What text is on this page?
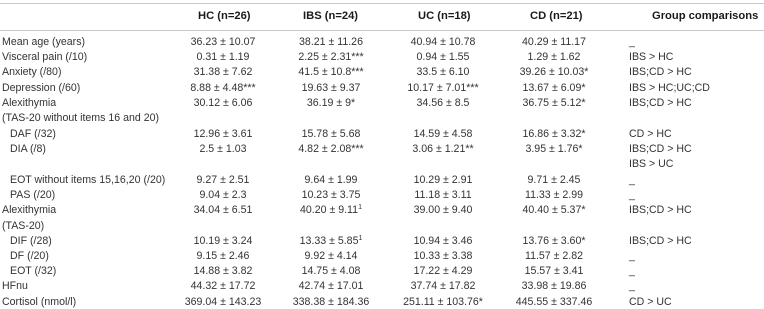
HC (n=26)	IBS (n=24)	UC (n=18)	CD (n=21)	Group comparisons
Mean age (years)	36.23 ± 10.07	38.21 ± 11.26	40.94 ± 10.78	40.29 ± 11.17	_
Visceral pain (/10)	0.31 ± 1.19	2.25 ± 2.31***	0.94 ± 1.55	1.29 ± 1.62	IBS > HC
Anxiety (/80)	31.38 ± 7.62	41.5 ± 10.8***	33.5 ± 6.10	39.26 ± 10.03*	IBS;CD > HC
Depression (/60)	8.88 ± 4.48***	19.63 ± 9.37	10.17 ± 7.01***	13.67 ± 6.09*	IBS > HC;UC;CD
Alexithymia	30.12 ± 6.06	36.19 ± 9*	34.56 ± 8.5	36.75 ± 5.12*	IBS;CD > HC
(TAS-20 without items 16 and 20)
DAF (/32)	12.96 ± 3.61	15.78 ± 5.68	14.59 ± 4.58	16.86 ± 3.32*	CD > HC
DIA (/8)	2.5 ± 1.03	4.82 ± 2.08***	3.06 ± 1.21**	3.95 ± 1.76*	IBS;CD > HC
IBS > UC
EOT without items 15,16,20 (/20)	9.27 ± 2.51	9.64 ± 1.99	10.29 ± 2.91	9.71 ± 2.45	_
PAS (/20)	9.04 ± 2.3	10.23 ± 3.75	11.18 ± 3.11	11.33 ± 2.99	_
Alexithymia	34.04 ± 6.51	$40.20 \pm 9.11^1$	39.00 ± 9.40	40.40 ± 5.37*	IBS;CD > HC
(TAS-20)
DIF (/28)	10.19 ± 3.24	$13.33 \pm 5.85^1$	10.94 ± 3.46	13.76 ± 3.60*	IBS;CD > HC
DF (/20)	9.15 ± 2.46	9.92 ± 4.14	10.33 ± 3.38	11.57 ± 2.82	_
EOT (/32)	14.88 ± 3.82	14.75 ± 4.08	17.22 ± 4.29	15.57 ± 3.41	_
HFnu	44.32 ± 17.72	42.74 ± 17.01	37.74 ± 17.82	33.98 ± 19.86	_
Cortisol (nmol/l)	369.04 ± 143.23	338.38 ± 184.36	251.11 ± 103.76*	445.55 ± 337.46	CD > UC
